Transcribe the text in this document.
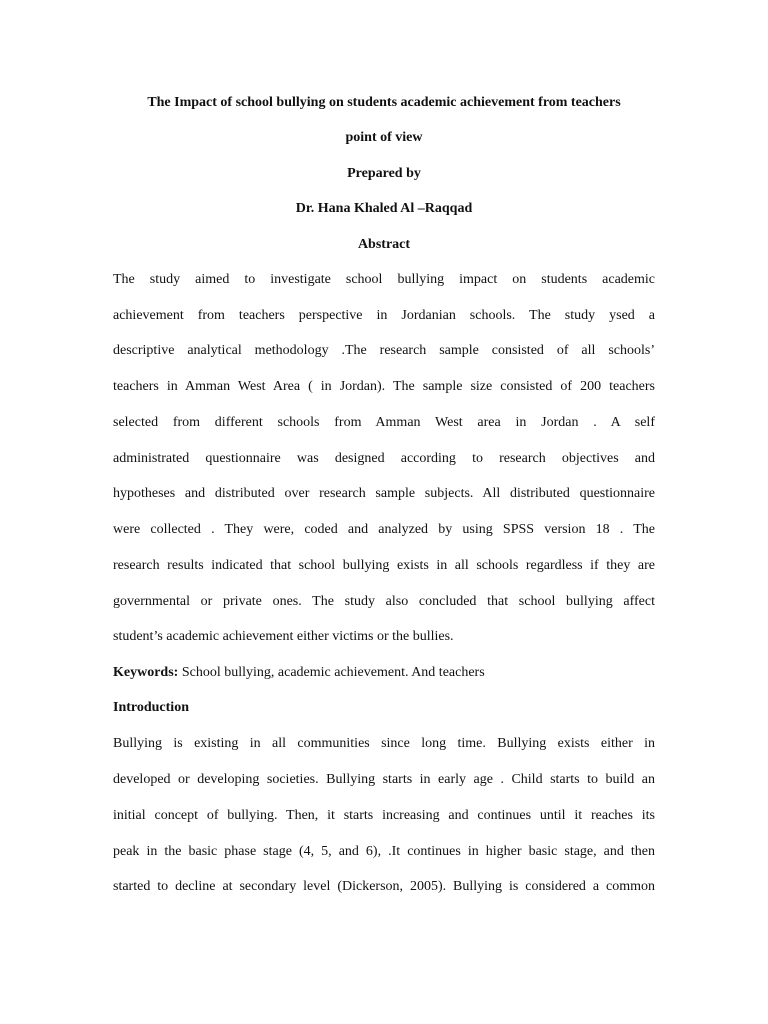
The Impact of school bullying on students academic achievement from teachers
point of view
Prepared by
Dr. Hana Khaled Al –Raqqad
Abstract
The study aimed to investigate school bullying impact on students academic
achievement from teachers perspective in Jordanian schools. The study ysed a
descriptive analytical methodology .The research sample consisted of all schools’
teachers in Amman West Area ( in Jordan). The sample size consisted of 200 teachers
selected from different schools from Amman West area in Jordan . A self
administrated questionnaire was designed according to research objectives and
hypotheses and distributed over research sample subjects. All distributed questionnaire
were collected . They were, coded and analyzed by using SPSS version 18 . The
research results indicated that school bullying exists in all schools regardless if they are
governmental or private ones. The study also concluded that school bullying affect
student’s academic achievement either victims or the bullies.
Keywords: School bullying, academic achievement. And teachers
Introduction
Bullying is existing in all communities since long time. Bullying exists either in
developed or developing societies. Bullying starts in early age . Child starts to build an
initial concept of bullying. Then, it starts increasing and continues until it reaches its
peak in the basic phase stage (4, 5, and 6), .It continues in higher basic stage, and then
started to decline at secondary level (Dickerson, 2005). Bullying is considered a common
